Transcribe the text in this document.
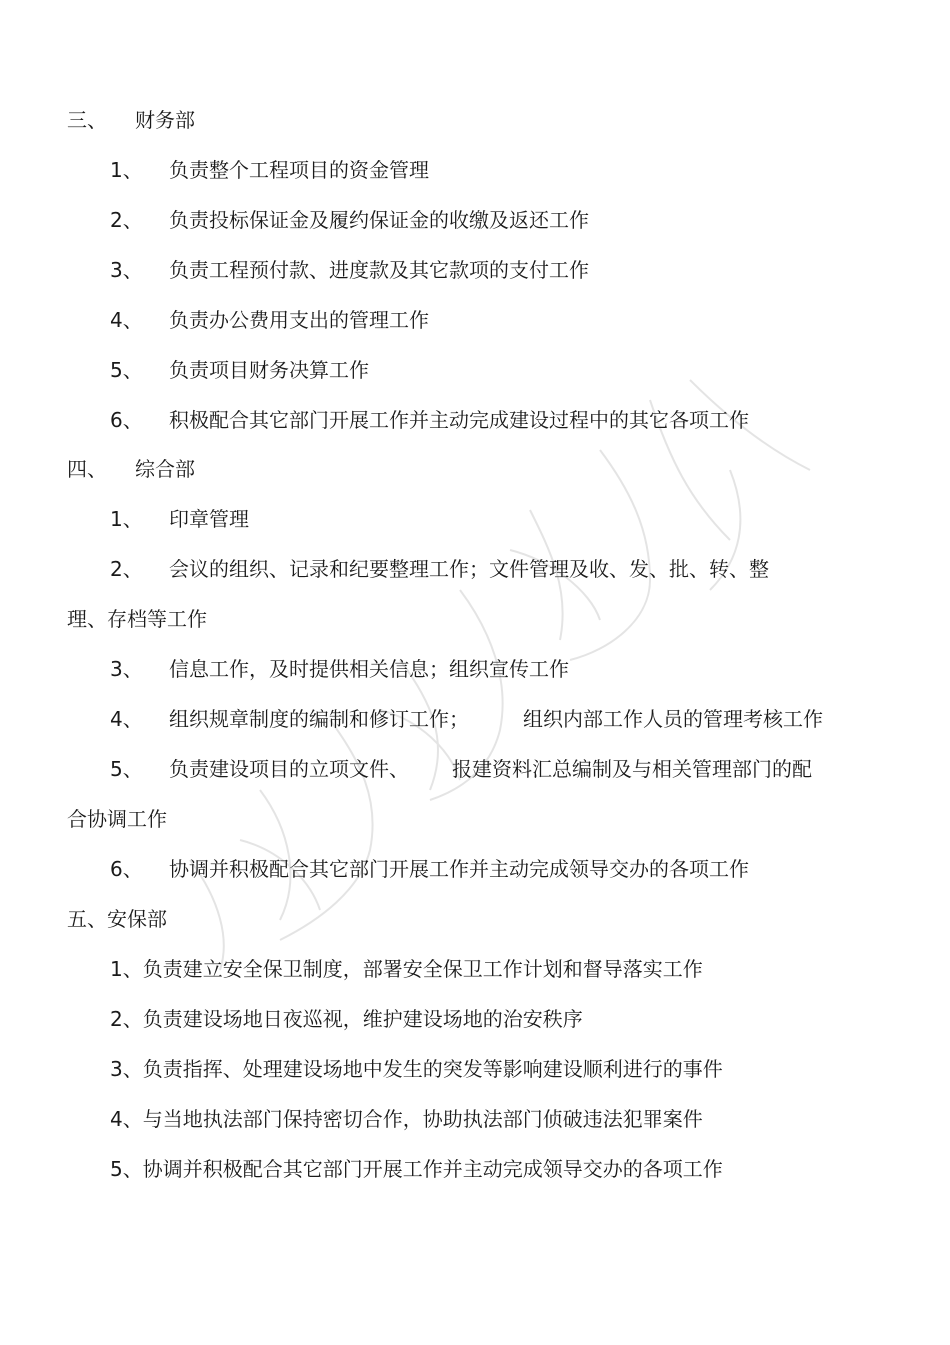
三、 财务部
1、 负责整个工程项目的资金管理
2、 负责投标保证金及履约保证金的收缴及返还工作
3、 负责工程预付款、进度款及其它款项的支付工作
4、 负责办公费用支出的管理工作
5、 负责项目财务决算工作
6、 积极配合其它部门开展工作并主动完成建设过程中的其它各项工作
四、 综合部
1、 印章管理
2、 会议的组织、记录和纪要整理工作；文件管理及收、发、批、转、整
理、存档等工作
3、 信息工作，及时提供相关信息；组织宣传工作
4、 组织规章制度的编制和修订工作；	组织内部工作人员的管理考核工作
5、 负责建设项目的立项文件、 报建资料汇总编制及与相关管理部门的配
合协调工作
6、 协调并积极配合其它部门开展工作并主动完成领导交办的各项工作
五、安保部
1、负责建立安全保卫制度，部署安全保卫工作计划和督导落实工作
2、负责建设场地日夜巡视，维护建设场地的治安秩序
3、负责指挥、处理建设场地中发生的突发等影响建设顺利进行的事件
4、与当地执法部门保持密切合作，协助执法部门侦破违法犯罪案件
5、协调并积极配合其它部门开展工作并主动完成领导交办的各项工作
